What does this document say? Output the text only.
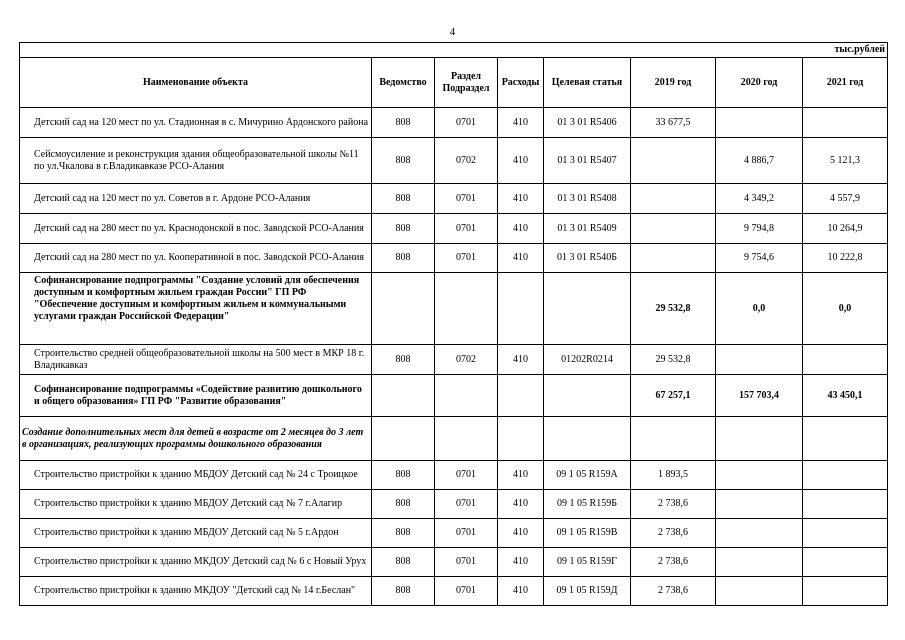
4
тыс.рублей							
Наименование объекта	Ведомство	Раздел Подраздел	Расходы	Целевая статья	2019 год	2020 год	2021 год
Детский сад на 120 мест по ул. Стадионная в с. Мичурино Ардонского района	808	0701	410	01 3 01 R5406	33 677,5		
Сейсмоусиление и реконструкция здания общеобразовательной школы №11 по ул.Чкалова в г.Владикавказе РСО-Алания	808	0702	410	01 3 01 R5407		4 886,7	5 121,3
Детский сад на 120 мест по ул. Советов в г. Ардоне РСО-Алания	808	0701	410	01 3 01 R5408		4 349,2	4 557,9
Детский сад на 280 мест по ул. Краснодонской в пос. Заводской РСО-Алания	808	0701	410	01 3 01 R5409		9 794,8	10 264,9
Детский сад на 280 мест по ул. Кооперативной в пос. Заводской РСО-Алания	808	0701	410	01 3 01 R540Б		9 754,6	10 222,8
Софинансирование подпрограммы "Создание условий для обеспечения доступным и комфортным жильем граждан России" ГП РФ "Обеспечение доступным и комфортным жильем и коммунальными услугами граждан Российской Федерации"					29 532,8	0,0	0,0
Строительство средней общеобразовательной школы на 500 мест в МКР 18 г. Владикавказ	808	0702	410	01202R0214	29 532,8		
Софинансирование подпрограммы «Содействие развитию дошкольного и общего образования» ГП РФ "Развитие образования"					67 257,1	157 703,4	43 450,1
Создание дополнительных мест для детей в возрасте от 2 месяцев до 3 лет в организациях, реализующих программы дошкольного образования							
Строительство пристройки к зданию МБДОУ Детский сад № 24 с Троицкое	808	0701	410	09 1 05 R159А	1 893,5		
Строительство пристройки к зданию МБДОУ Детский сад № 7 г.Алагир	808	0701	410	09 1 05 R159Б	2 738,6		
Строительство пристройки к зданию МБДОУ Детский сад № 5 г.Ардон	808	0701	410	09 1 05 R159В	2 738,6		
Строительство пристройки к зданию МКДОУ Детский сад № 6 с Новый Урух	808	0701	410	09 1 05 R159Г	2 738,6		
Строительство пристройки к зданию МКДОУ "Детский сад № 14 г.Беслан"	808	0701	410	09 1 05 R159Д	2 738,6		
